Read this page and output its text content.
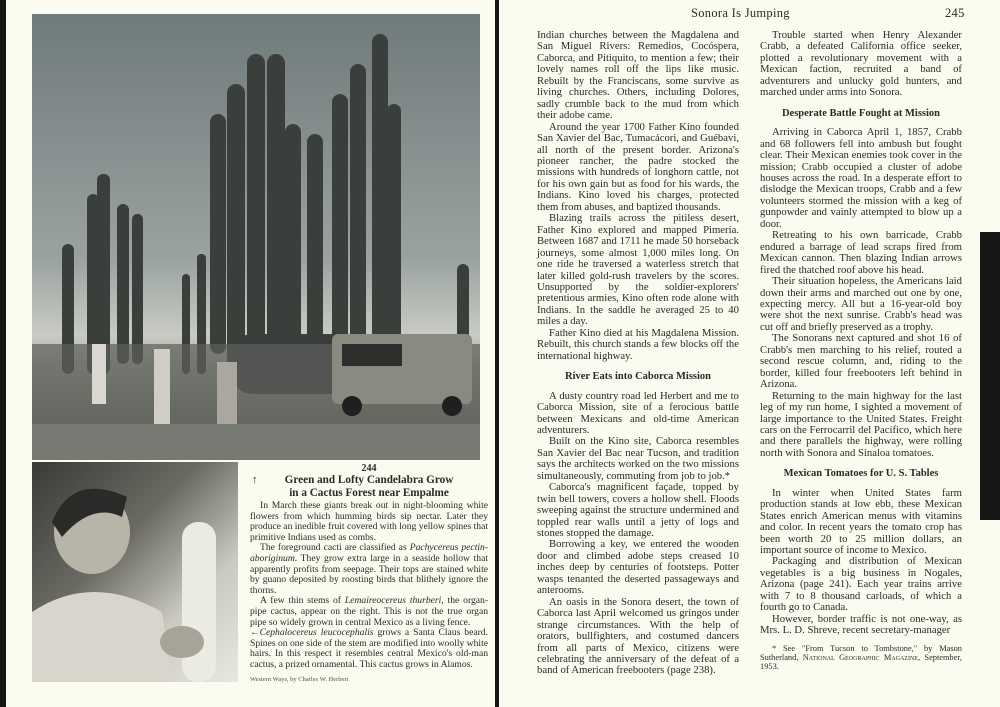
244
↑ Green and Lofty Candelabra Grow
in a Cactus Forest near Empalme

In March these giants break out in night-blooming white flowers from which humming birds sip nectar. Later they produce an inedible fruit covered with long yellow spines that primitive Indians used as combs.

The foreground cacti are classified as Pachycereus pectin-aboriginum. They grow extra large in a seaside hollow that apparently profits from seepage. Their tops are stained white by guano deposited by roosting birds that blithely ignore the thorns.

A few thin stems of Lemaireocereus thurberi, the organ-pipe cactus, appear on the right. This is not the true organ pipe so widely grown in central Mexico as a living fence.

←Cephalocereus leucocephalis grows a Santa Claus beard. Spines on one side of the stem are modified into woolly white hairs. In this respect it resembles central Mexico's old-man cactus, a prized ornamental. This cactus grows in Alamos.

Western Ways, by Charles W. Herbert
Sonora Is Jumping	245

Indian churches between the Magdalena and San Miguel Rivers: Remedios, Cocóspera, Caborca, and Pitiquito, to mention a few; their lovely names roll off the lips like music. Rebuilt by the Franciscans, some survive as living churches. Others, including Dolores, sadly crumble back to the mud from which their adobe came.

Around the year 1700 Father Kino founded San Xavier del Bac, Tumacácori, and Guébavi, all north of the present border. Arizona's pioneer rancher, the padre stocked the missions with hundreds of longhorn cattle, not for his own gain but as food for his wards, the Indians. Kino loved his charges, protected them from abuses, and baptized thousands.

Blazing trails across the pitiless desert, Father Kino explored and mapped Pimería. Between 1687 and 1711 he made 50 horseback journeys, some almost 1,000 miles long. On one ride he traversed a waterless stretch that later killed gold-rush travelers by the scores. Unsupported by the soldier-explorers' pretentious armies, Kino often rode alone with Indians. In the saddle he averaged 25 to 40 miles a day.

Father Kino died at his Magdalena Mission. Rebuilt, this church stands a few blocks off the international highway.

River Eats into Caborca Mission

A dusty country road led Herbert and me to Caborca Mission, site of a ferocious battle between Mexicans and old-time American adventurers.

Built on the Kino site, Caborca resembles San Xavier del Bac near Tucson, and tradition says the architects worked on the two missions simultaneously, commuting from job to job.*

Caborca's magnificent façade, topped by twin bell towers, covers a hollow shell. Floods sweeping against the structure undermined and toppled rear walls until a jetty of logs and stones stopped the damage.

Borrowing a key, we entered the wooden door and climbed adobe steps creased 10 inches deep by centuries of footsteps. Potter wasps tenanted the deserted passageways and anterooms.

An oasis in the Sonora desert, the town of Caborca last April welcomed us gringos under strange circumstances. With the help of orators, bullfighters, and costumed dancers from all parts of Mexico, citizens were celebrating the anniversary of the defeat of a band of American freebooters (page 238).

Trouble started when Henry Alexander Crabb, a defeated California office seeker, plotted a revolutionary movement with a Mexican faction, recruited a band of adventurers and unlucky gold hunters, and marched under arms into Sonora.

Desperate Battle Fought at Mission

Arriving in Caborca April 1, 1857, Crabb and 68 followers fell into ambush but fought clear. Their Mexican enemies took cover in the mission; Crabb occupied a cluster of adobe houses across the road. In a desperate effort to dislodge the Mexican troops, Crabb and a few volunteers stormed the mission with a keg of gunpowder and vainly attempted to blow up a door.

Retreating to his own barricade, Crabb endured a barrage of lead scraps fired from Mexican cannon. Then blazing Indian arrows fired the thatched roof above his head.

Their situation hopeless, the Americans laid down their arms and marched out one by one, expecting mercy. All but a 16-year-old boy were shot the next sunrise. Crabb's head was cut off and briefly preserved as a trophy.

The Sonorans next captured and shot 16 of Crabb's men marching to his relief, routed a second rescue column, and, riding to the border, killed four freebooters left behind in Arizona.

Returning to the main highway for the last leg of my run home, I sighted a movement of large importance to the United States. Freight cars on the Ferrocarril del Pacífico, which here and there parallels the highway, were rolling north with Sonora and Sinaloa tomatoes.

Mexican Tomatoes for U. S. Tables

In winter when United States farm production stands at low ebb, these Mexican States enrich American menus with vitamins and color. In recent years the tomato crop has been worth 20 to 25 million dollars, an important source of income to Mexico.

Packaging and distribution of Mexican vegetables is a big business in Nogales, Arizona (page 241). Each year trains arrive with 7 to 8 thousand carloads, of which a fourth go to Canada.

However, border traffic is not one-way, as Mrs. L. D. Shreve, recent secretary-manager

* See "From Tucson to Tombstone," by Mason Sutherland, National Geographic Magazine, September, 1953.
